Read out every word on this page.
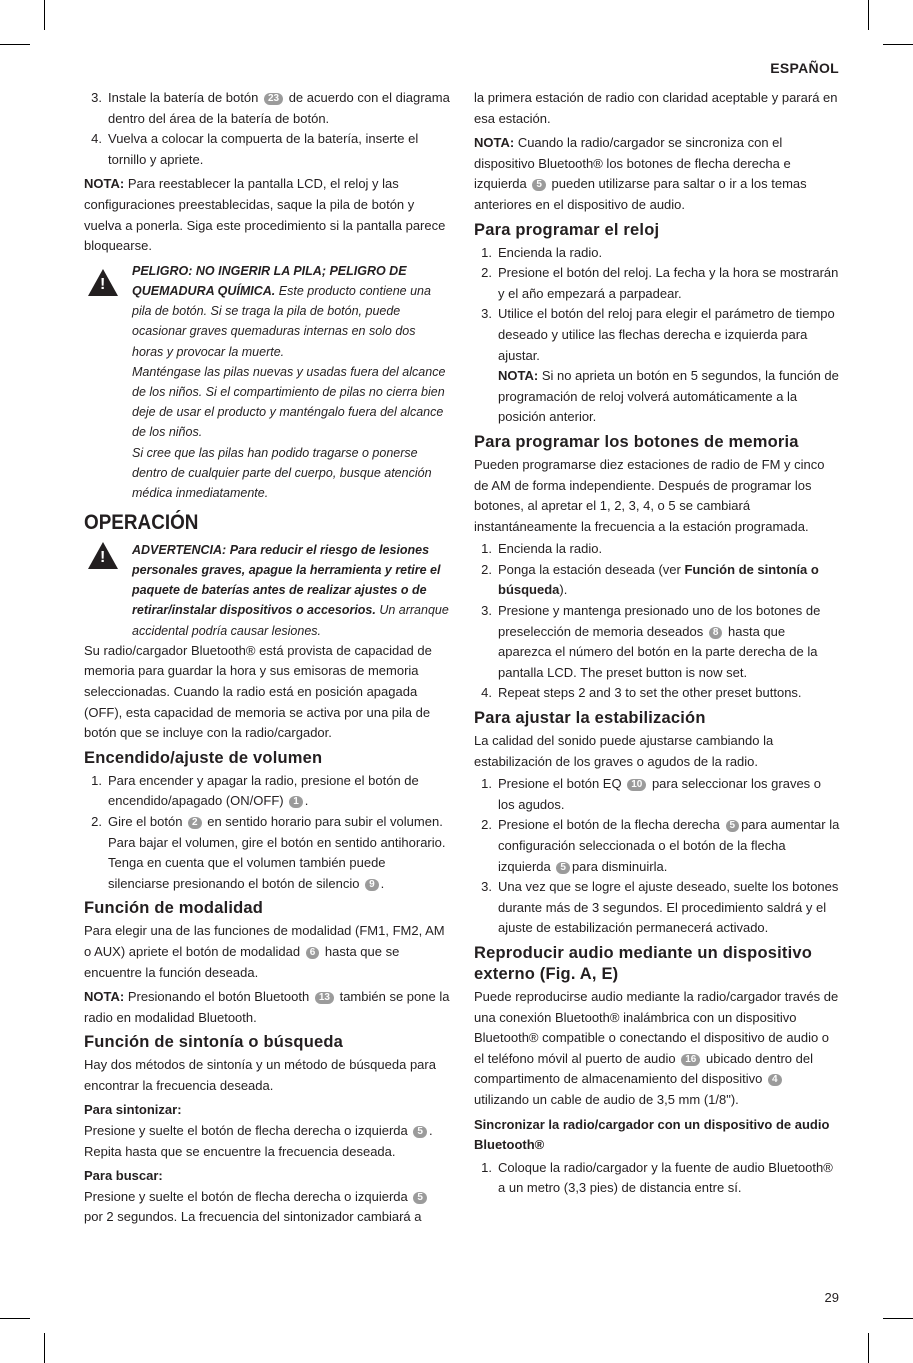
ESPAÑOL
29
3. Instale la batería de botón 23 de acuerdo con el diagrama dentro del área de la batería de botón.
4. Vuelva a colocar la compuerta de la batería, inserte el tornillo y apriete.

NOTA: Para reestablecer la pantalla LCD, el reloj y las configuraciones preestablecidas, saque la pila de botón y vuelva a ponerla. Siga este procedimiento si la pantalla parece bloquearse.

!

PELIGRO: NO INGERIR LA PILA; PELIGRO DE QUEMADURA QUÍMICA. Este producto contiene una pila de botón. Si se traga la pila de botón, puede ocasionar graves quemaduras internas en solo dos horas y provocar la muerte.

Manténgase las pilas nuevas y usadas fuera del alcance de los niños. Si el compartimiento de pilas no cierra bien deje de usar el producto y manténgalo fuera del alcance de los niños.

Si cree que las pilas han podido tragarse o ponerse dentro de cualquier parte del cuerpo, busque atención médica inmediatamente.

OPERACIÓN
!

ADVERTENCIA: Para reducir el riesgo de lesiones personales graves, apague la herramienta y retire el paquete de baterías antes de realizar ajustes o de retirar/instalar dispositivos o accesorios. Un arranque accidental podría causar lesiones.

Su radio/cargador Bluetooth® está provista de capacidad de memoria para guardar la hora y sus emisoras de memoria seleccionadas. Cuando la radio está en posición apagada (OFF), esta capacidad de memoria se activa por una pila de botón que se incluye con la radio/cargador.

Encendido/ajuste de volumen
1. Para encender y apagar la radio, presione el botón de encendido/apagado (ON/OFF) 1 .
2. Gire el botón 2 en sentido horario para subir el volumen. Para bajar el volumen, gire el botón en sentido antihorario.
Tenga en cuenta que el volumen también puede silenciarse presionando el botón de silencio 9 .
Función de modalidad

Para elegir una de las funciones de modalidad (FM1, FM2, AM o AUX) apriete el botón de modalidad 6 hasta que se encuentre la función deseada.

NOTA: Presionando el botón Bluetooth 13 también se pone la radio en modalidad Bluetooth.

Función de sintonía o búsqueda

Hay dos métodos de sintonía y un método de búsqueda para encontrar la frecuencia deseada.

Para sintonizar:

Presione y suelte el botón de flecha derecha o izquierda 5 . Repita hasta que se encuentre la frecuencia deseada.

Para buscar:

Presione y suelte el botón de flecha derecha o izquierda 5 por 2 segundos. La frecuencia del sintonizador cambiará a

la primera estación de radio con claridad aceptable y parará en esa estación.

NOTA: Cuando la radio/cargador se sincroniza con el dispositivo Bluetooth® los botones de flecha derecha e izquierda 5 pueden utilizarse para saltar o ir a los temas anteriores en el dispositivo de audio.

Para programar el reloj
1. Encienda la radio.
2. Presione el botón del reloj. La fecha y la hora se mostrarán y el año empezará a parpadear.
3. Utilice el botón del reloj para elegir el parámetro de tiempo deseado y utilice las flechas derecha e izquierda para ajustar.
NOTA: Si no aprieta un botón en 5 segundos, la función de programación de reloj volverá automáticamente a la posición anterior.
Para programar los botones de memoria

Pueden programarse diez estaciones de radio de FM y cinco de AM de forma independiente. Después de programar los botones, al apretar el 1, 2, 3, 4, o 5 se cambiará instantáneamente la frecuencia a la estación programada.

1. Encienda la radio.
2. Ponga la estación deseada (ver Función de sintonía o búsqueda).
3. Presione y mantenga presionado uno de los botones de preselección de memoria deseados 8 hasta que aparezca el número del botón en la parte derecha de la pantalla LCD. The preset button is now set.
4. Repeat steps 2 and 3 to set the other preset buttons.
Para ajustar la estabilización

La calidad del sonido puede ajustarse cambiando la estabilización de los graves o agudos de la radio.

1. Presione el botón EQ 10 para seleccionar los graves o los agudos.
2. Presione el botón de la flecha derecha 5 para aumentar la configuración seleccionada o el botón de la flecha izquierda 5 para disminuirla.
3. Una vez que se logre el ajuste deseado, suelte los botones durante más de 3 segundos. El procedimiento saldrá y el ajuste de estabilización permanecerá activado.
Reproducir audio mediante un dispositivo externo (Fig. A, E)

Puede reproducirse audio mediante la radio/cargador través de una conexión Bluetooth® inalámbrica con un dispositivo Bluetooth® compatible o conectando el dispositivo de audio o el teléfono móvil al puerto de audio 16 ubicado dentro del compartimento de almacenamiento del dispositivo 4 utilizando un cable de audio de 3,5 mm (1/8").

Sincronizar la radio/cargador con un dispositivo de audio Bluetooth®

1. Coloque la radio/cargador y la fuente de audio Bluetooth® a un metro (3,3 pies) de distancia entre sí.
